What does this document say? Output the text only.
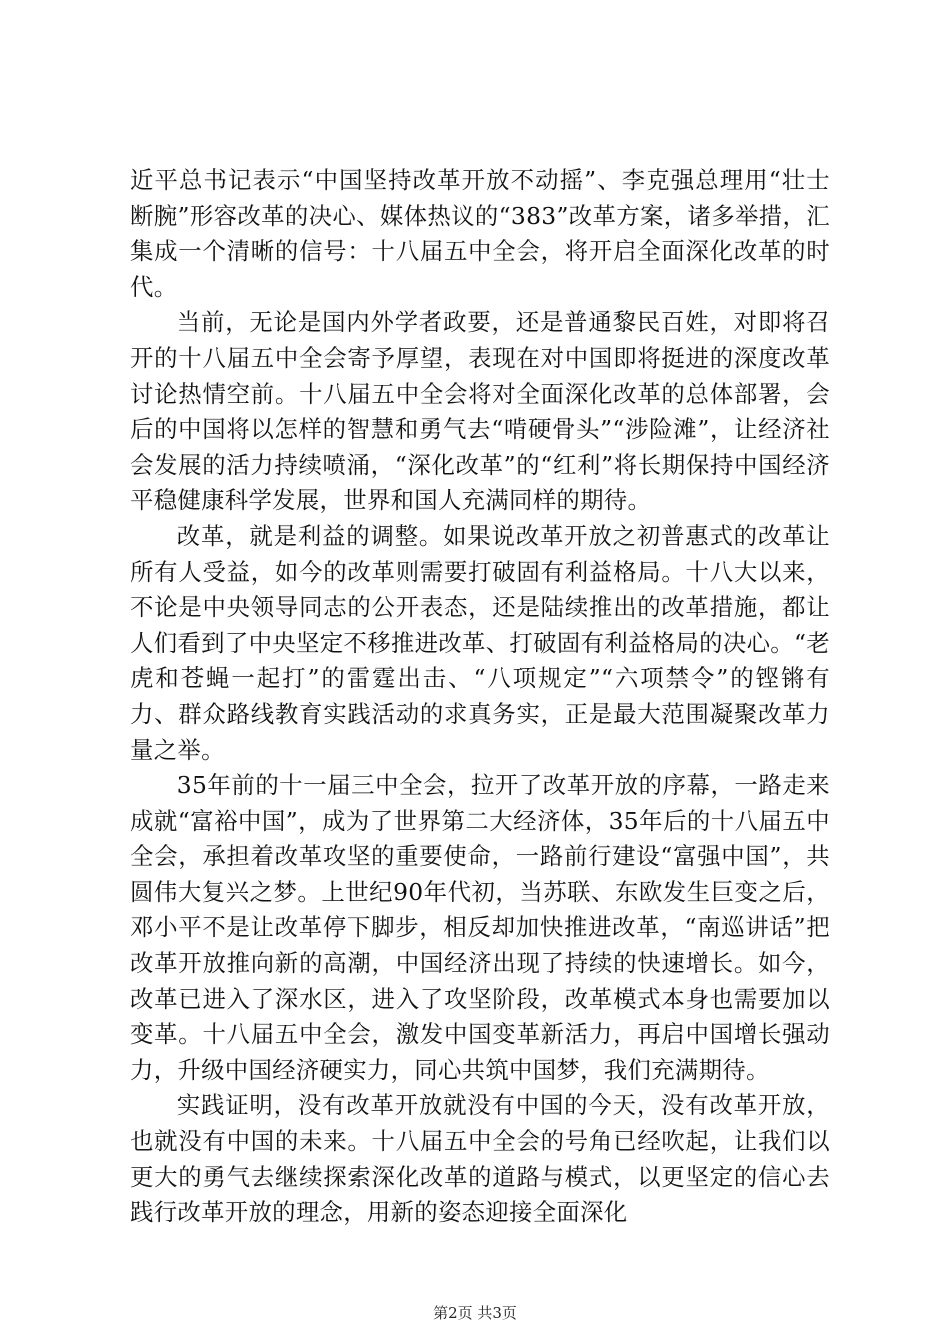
近平总书记表示“中国坚持改革开放不动摇”、李克强总理用“壮士断腕”形容改革的决心、媒体热议的“383”改革方案，诸多举措，汇集成一个清晰的信号：十八届五中全会，将开启全面深化改革的时代。

当前，无论是国内外学者政要，还是普通黎民百姓，对即将召开的十八届五中全会寄予厚望，表现在对中国即将挺进的深度改革讨论热情空前。十八届五中全会将对全面深化改革的总体部署，会后的中国将以怎样的智慧和勇气去“啃硬骨头”“涉险滩”，让经济社会发展的活力持续喷涌，“深化改革”的“红利”将长期保持中国经济平稳健康科学发展，世界和国人充满同样的期待。

改革，就是利益的调整。如果说改革开放之初普惠式的改革让所有人受益，如今的改革则需要打破固有利益格局。十八大以来，不论是中央领导同志的公开表态，还是陆续推出的改革措施，都让人们看到了中央坚定不移推进改革、打破固有利益格局的决心。“老虎和苍蝇一起打”的雷霆出击、“八项规定”“六项禁令”的铿锵有力、群众路线教育实践活动的求真务实，正是最大范围凝聚改革力量之举。

35年前的十一届三中全会，拉开了改革开放的序幕，一路走来成就“富裕中国”，成为了世界第二大经济体，35年后的十八届五中全会，承担着改革攻坚的重要使命，一路前行建设“富强中国”，共圆伟大复兴之梦。上世纪90年代初，当苏联、东欧发生巨变之后，邓小平不是让改革停下脚步，相反却加快推进改革，“南巡讲话”把改革开放推向新的高潮，中国经济出现了持续的快速增长。如今，改革已进入了深水区，进入了攻坚阶段，改革模式本身也需要加以变革。十八届五中全会，激发中国变革新活力，再启中国增长强动力，升级中国经济硬实力，同心共筑中国梦，我们充满期待。

实践证明，没有改革开放就没有中国的今天，没有改革开放，也就没有中国的未来。十八届五中全会的号角已经吹起，让我们以更大的勇气去继续探索深化改革的道路与模式，以更坚定的信心去践行改革开放的理念，用新的姿态迎接全面深化

第2页 共3页
